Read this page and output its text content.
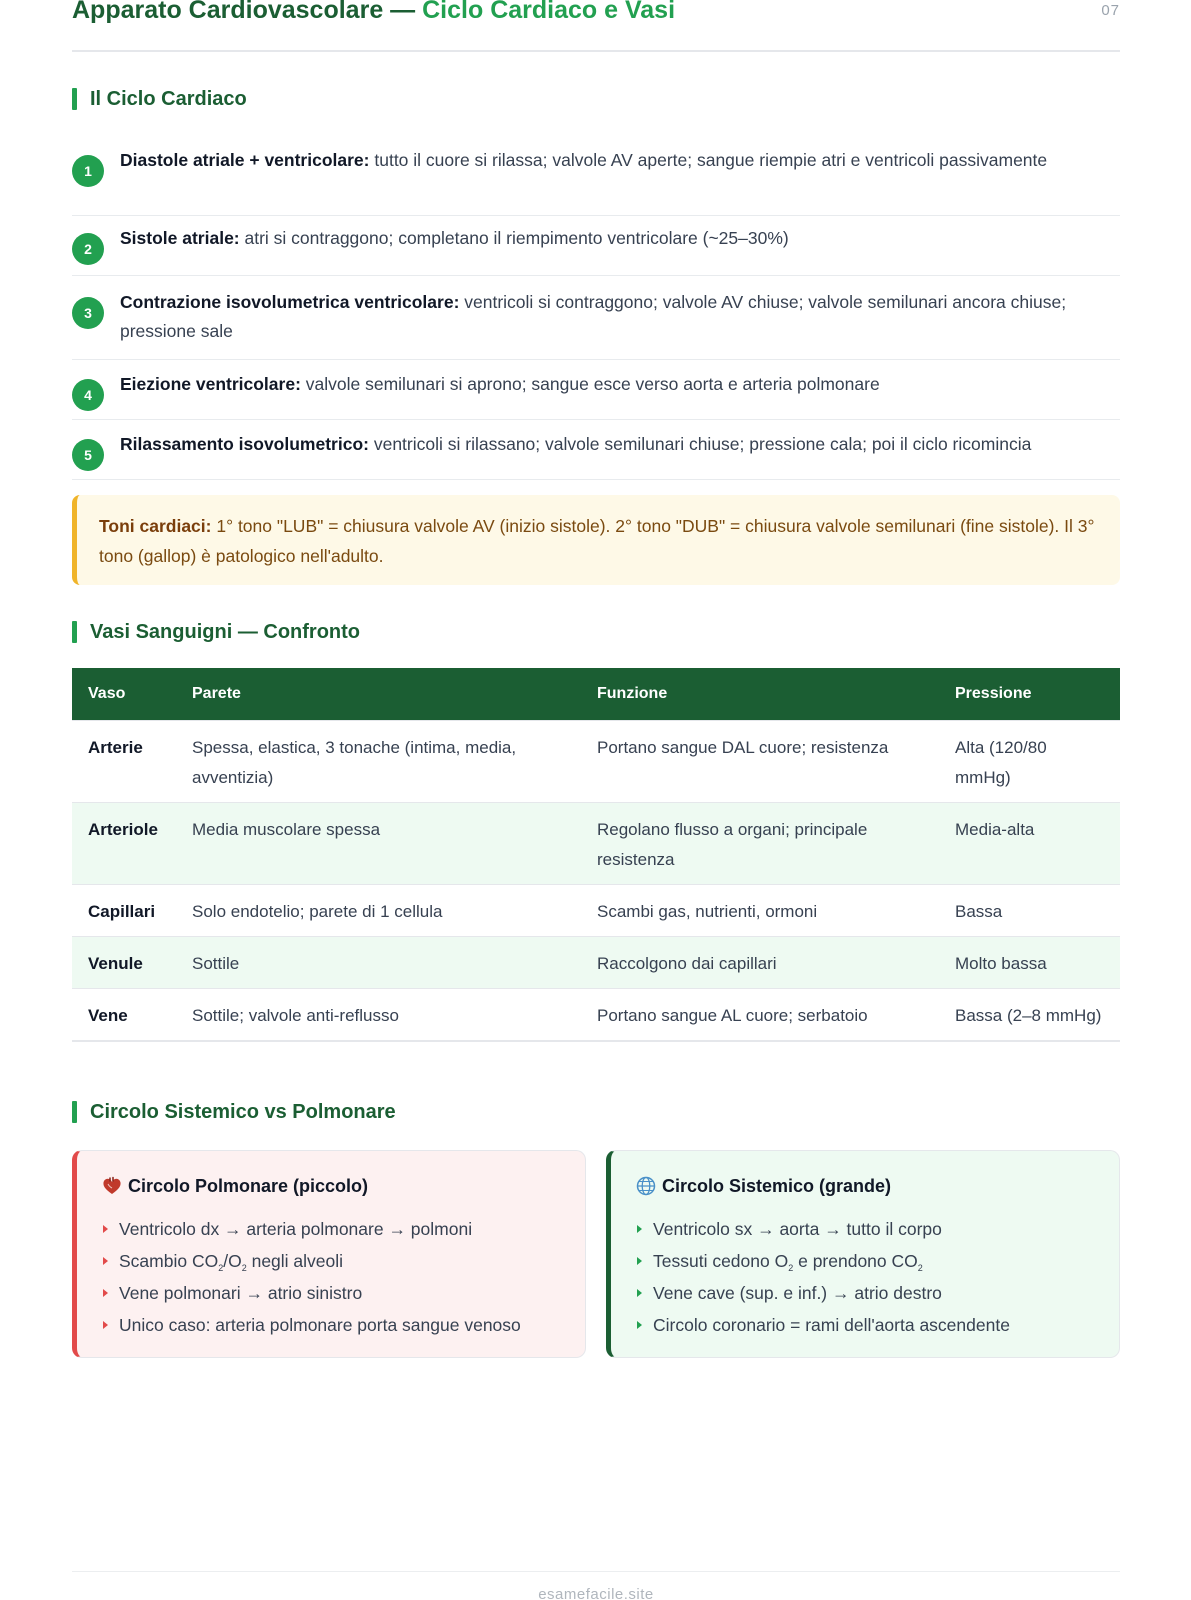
Apparato Cardiovascolare — Ciclo Cardiaco e Vasi	07
Il Ciclo Cardiaco
1
Diastole atriale + ventricolare: tutto il cuore si rilassa; valvole AV aperte; sangue riempie atri e ventricoli passivamente
2
Sistole atriale: atri si contraggono; completano il riempimento ventricolare (~25–30%)
3
Contrazione isovolumetrica ventricolare: ventricoli si contraggono; valvole AV chiuse; valvole semilunari ancora chiuse; pressione sale
4
Eiezione ventricolare: valvole semilunari si aprono; sangue esce verso aorta e arteria polmonare
5
Rilassamento isovolumetrico: ventricoli si rilassano; valvole semilunari chiuse; pressione cala; poi il ciclo ricomincia
Toni cardiaci: 1° tono "LUB" = chiusura valvole AV (inizio sistole). 2° tono "DUB" = chiusura valvole semilunari (fine sistole). Il 3° tono (gallop) è patologico nell'adulto.
Vasi Sanguigni — Confronto
Vaso	Parete	Funzione	Pressione
Arterie	Spessa, elastica, 3 tonache (intima, media, avventizia)	Portano sangue DAL cuore; resistenza	Alta (120/80 mmHg)
Arteriole	Media muscolare spessa	Regolano flusso a organi; principale resistenza	Media-alta
Capillari	Solo endotelio; parete di 1 cellula	Scambi gas, nutrienti, ormoni	Bassa
Venule	Sottile	Raccolgono dai capillari	Molto bassa
Vene	Sottile; valvole anti-reflusso	Portano sangue AL cuore; serbatoio	Bassa (2–8 mmHg)
Circolo Sistemico vs Polmonare
Circolo Polmonare (piccolo)
Ventricolo dx → arteria polmonare → polmoni
Scambio $CO_2/O_2$ negli alveoli
Vene polmonari → atrio sinistro
Unico caso: arteria polmonare porta sangue venoso
Circolo Sistemico (grande)
Ventricolo sx → aorta → tutto il corpo
Tessuti cedono $O_2$ e prendono $CO_2$
Vene cave (sup. e inf.) → atrio destro
Circolo coronario = rami dell'aorta ascendente
esamefacile.site
